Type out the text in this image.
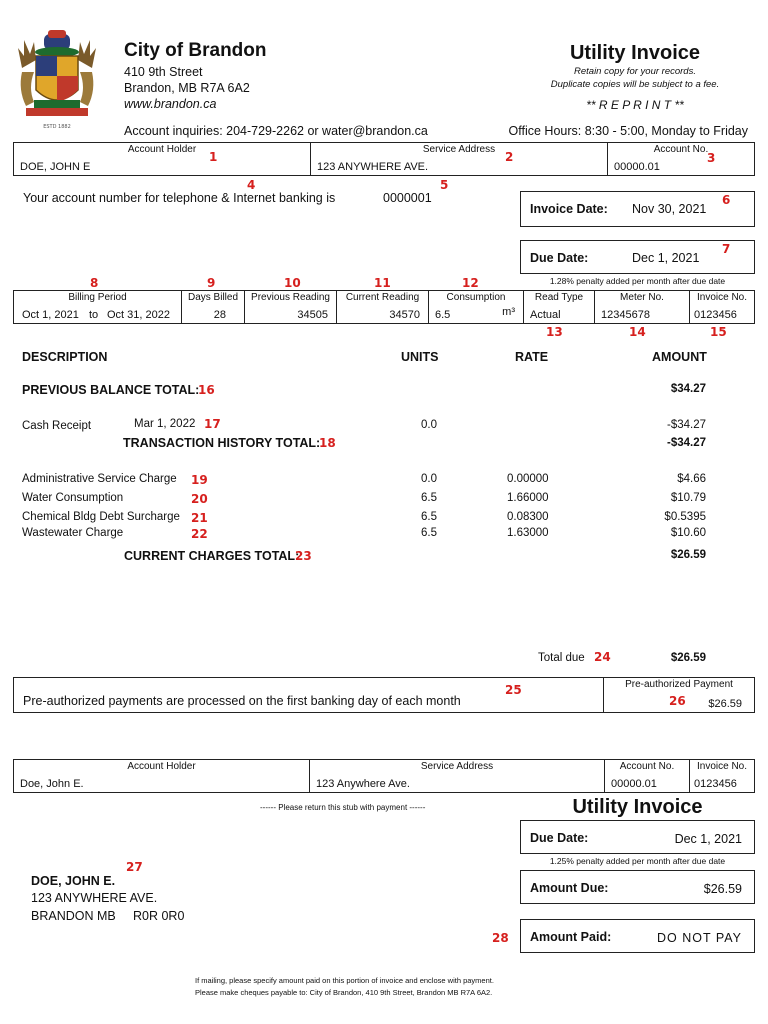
ESTD 1882
City of Brandon
410 9th Street
Brandon, MB R7A 6A2
www.brandon.ca
Account inquiries: 204-729-2262 or water@brandon.ca	Office Hours: 8:30 - 5:00, Monday to Friday
Utility Invoice
Retain copy for your records.
Duplicate copies will be subject to a fee.
** R E P R I N T **
Account Holder
DOE, JOHN E
Service Address
123 ANYWHERE AVE.
Account No.
00000.01
Your account number for telephone & Internet banking is	0000001
Invoice Date: Nov 30, 2021
Due Date:	Dec 1, 2021
1.28% penalty added per month after due date
Billing Period
Oct 1, 2021 to Oct 31, 2022
Days Billed
28
Previous Reading
34505
Current Reading
34570
Consumption
6.5	m³
Read Type
Actual
Meter No.
12345678
Invoice No.
0123456
DESCRIPTION	UNITS	RATE	AMOUNT
PREVIOUS BALANCE TOTAL:	$34.27
Cash Receipt	Mar 1, 2022	0.0	-$34.27
TRANSACTION HISTORY TOTAL:	-$34.27
Administrative Service Charge	0.0	0.00000	$4.66
Water Consumption	6.5	1.66000	$10.79
Chemical Bldg Debt Surcharge	6.5	0.08300	$0.5395
Wastewater Charge	6.5	1.63000	$10.60
CURRENT CHARGES TOTAL:	$26.59
Total due	$26.59
Pre-authorized payments are processed on the first banking day of each month
Pre-authorized Payment
$26.59
Account Holder
Doe, John E.
Service Address
123 Anywhere Ave.
Account No.
00000.01
Invoice No.
0123456
------ Please return this stub with payment ------	Utility Invoice
Due Date:	Dec 1, 2021
1.25% penalty added per month after due date
Amount Due:	$26.59
Amount Paid:	DO NOT PAY
DOE, JOHN E.
123 ANYWHERE AVE.
BRANDON MB R0R 0R0
If mailing, please specify amount paid on this portion of invoice and enclose with payment.
Please make cheques payable to: City of Brandon, 410 9th Street, Brandon MB R7A 6A2.
1	2	3
4	5
6
7
8	9	10	11	12
13	14	15
16
17
18
19
20
21
22
23
24
25
26
27
28
